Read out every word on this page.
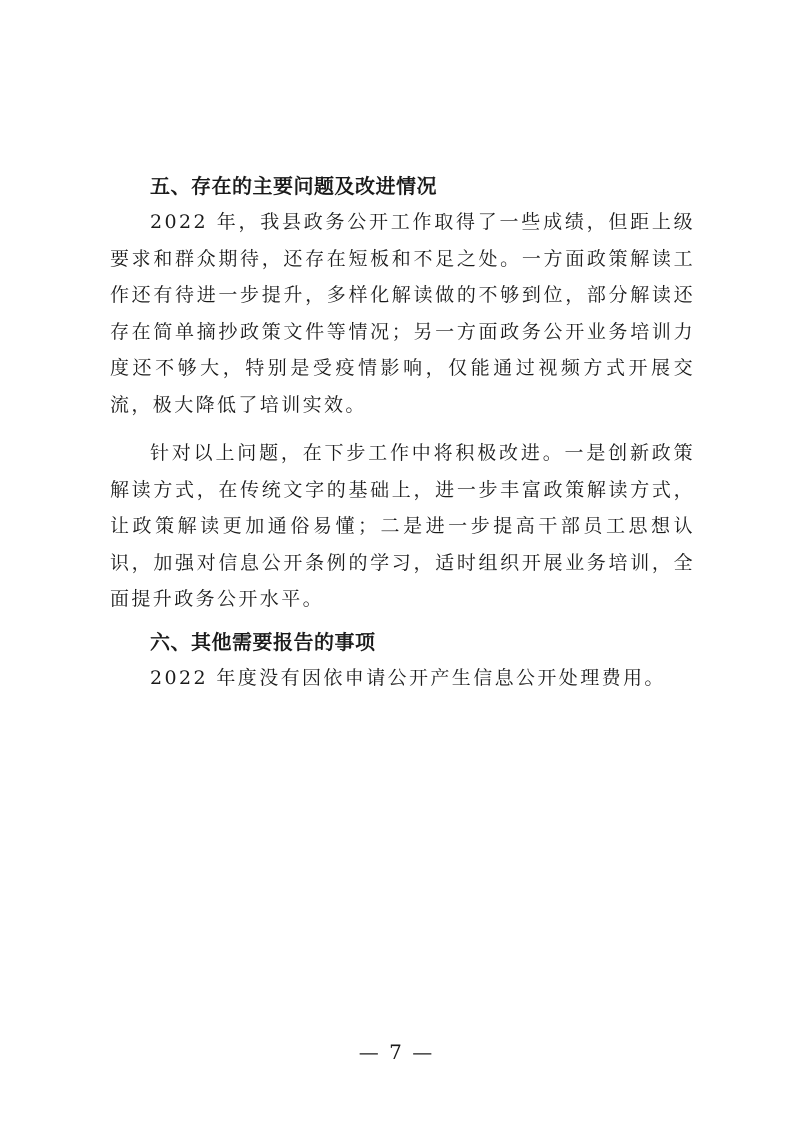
五、存在的主要问题及改进情况

2022 年，我县政务公开工作取得了一些成绩，但距上级要求和群众期待，还存在短板和不足之处。一方面政策解读工作还有待进一步提升，多样化解读做的不够到位，部分解读还存在简单摘抄政策文件等情况；另一方面政务公开业务培训力度还不够大，特别是受疫情影响，仅能通过视频方式开展交流，极大降低了培训实效。

针对以上问题，在下步工作中将积极改进。一是创新政策解读方式，在传统文字的基础上，进一步丰富政策解读方式，让政策解读更加通俗易懂；二是进一步提高干部员工思想认识，加强对信息公开条例的学习，适时组织开展业务培训，全面提升政务公开水平。

六、其他需要报告的事项

2022 年度没有因依申请公开产生信息公开处理费用。

— 7 —
